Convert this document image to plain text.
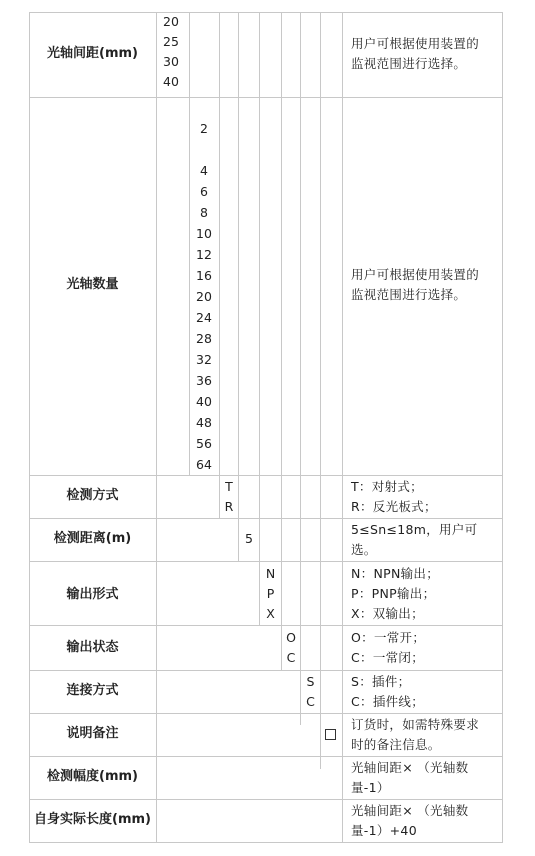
光轴间距(mm)
20
25
30
40
用户可根据使用装置的
监视范围进行选择。
光轴数量
2
4
6
8
10
12
16
20
24
28
32
36
40
48
56
64
用户可根据使用装置的
监视范围进行选择。
检测方式
T
R
T：对射式；
R：反光板式；
检测距离(m)	5
5≤Sn≤18m，用户可
选。
输出形式
N
P
X
N：NPN输出；
P：PNP输出；
X：双输出；
输出状态
O
C
O：一常开；
C：一常闭；
连接方式
S
C
S：插件；
C：插件线；
说明备注
订货时，如需特殊要求
时的备注信息。
检测幅度(mm)
光轴间距× （光轴数
量-1）
自身实际长度(mm)
光轴间距× （光轴数
量-1）+40
